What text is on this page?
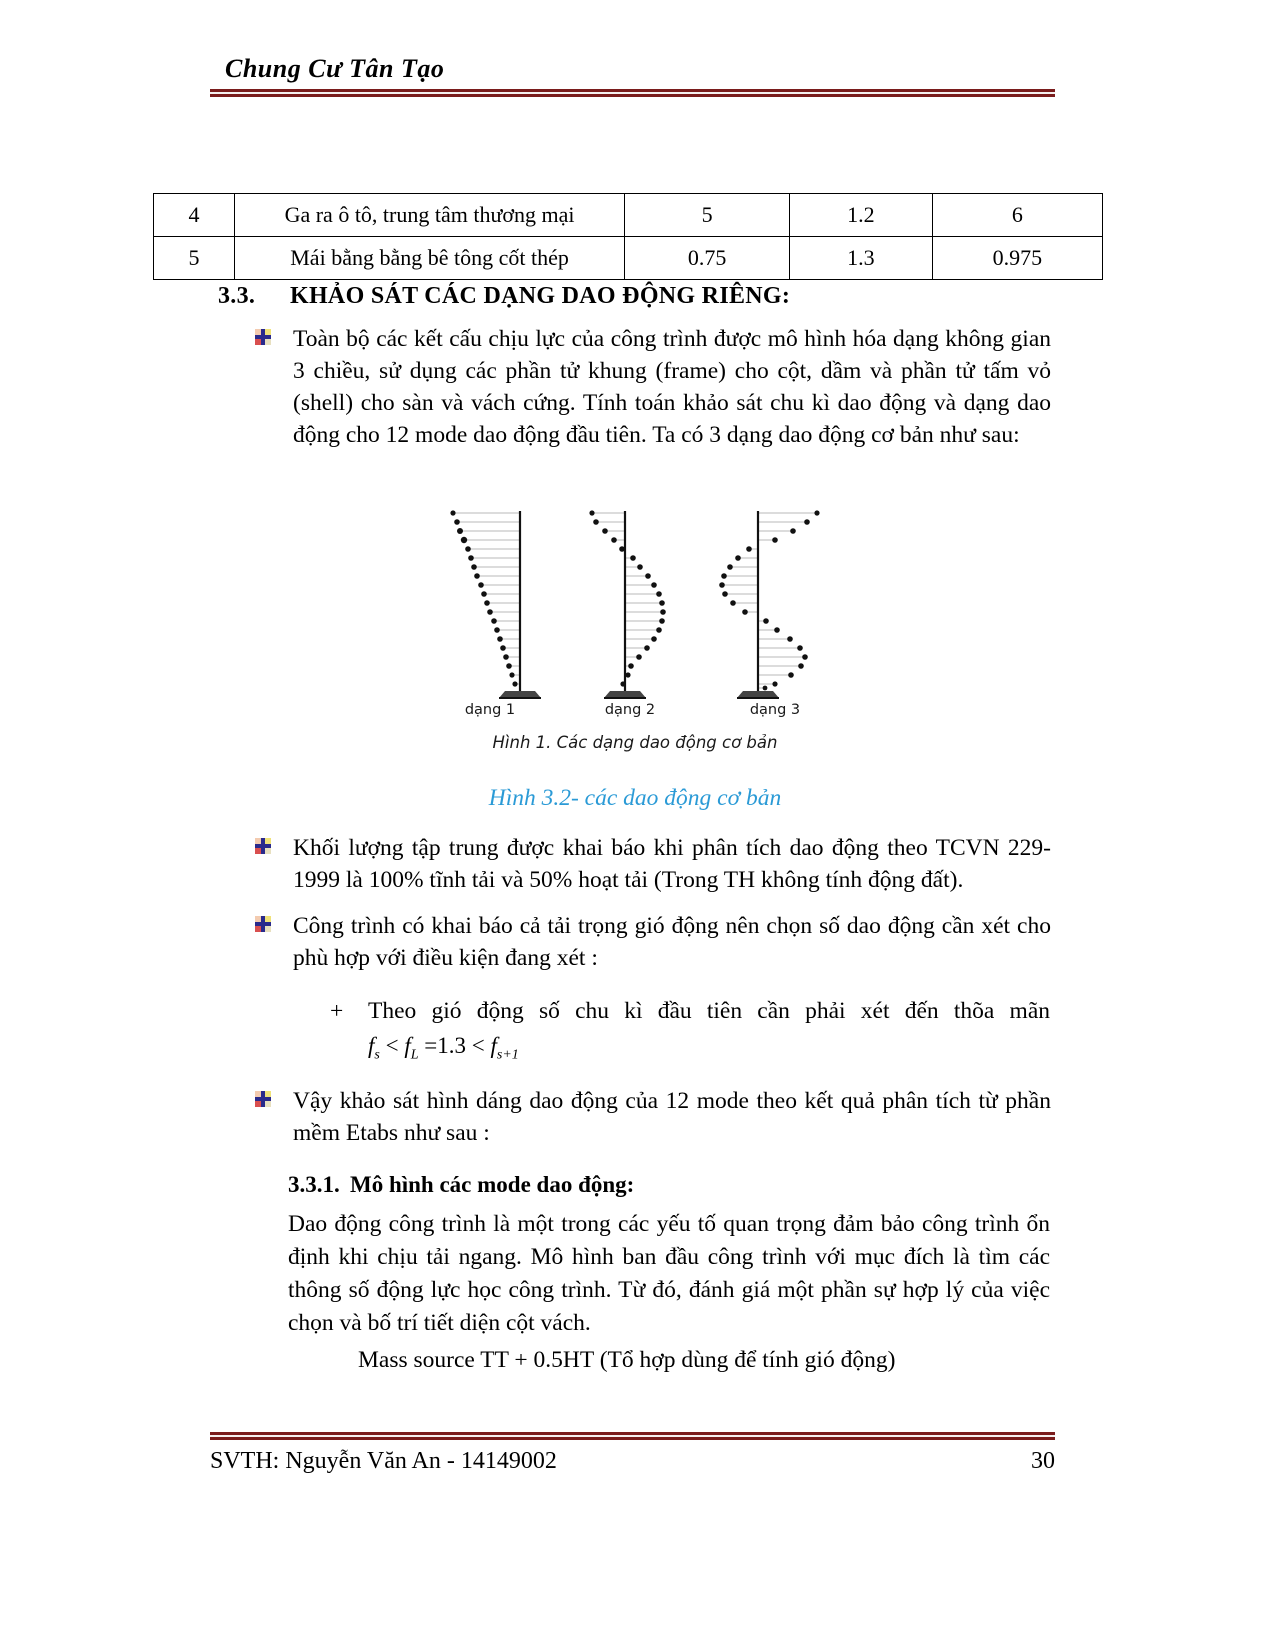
Chung Cư Tân Tạo
4	Ga ra ô tô, trung tâm thương mại	5	1.2	6
5	Mái bằng bằng bê tông cốt thép	0.75	1.3	0.975
3.3. KHẢO SÁT CÁC DẠNG DAO ĐỘNG RIÊNG:
Toàn bộ các kết cấu chịu lực của công trình được mô hình hóa dạng không gian 3 chiều, sử dụng các phần tử khung (frame) cho cột, dầm và phần tử tấm vỏ (shell) cho sàn và vách cứng. Tính toán khảo sát chu kì dao động và dạng dao động cho 12 mode dao động đầu tiên. Ta có 3 dạng dao động cơ bản như sau:
dạng 1	dạng 2	dạng 3
Hình 1. Các dạng dao động cơ bản
Hình 3.2- các dao động cơ bản
Khối lượng tập trung được khai báo khi phân tích dao động theo TCVN 229-1999 là 100% tĩnh tải và 50% hoạt tải (Trong TH không tính động đất).
Công trình có khai báo cả tải trọng gió động nên chọn số dao động cần xét cho phù hợp với điều kiện đang xét :
+ Theo gió động số chu kì đầu tiên cần phải xét đến thõa mãn
$f_s < f_L =1.3 < f_{s+1}$
Vậy khảo sát hình dáng dao động của 12 mode theo kết quả phân tích từ phần mềm Etabs như sau :
3.3.1. Mô hình các mode dao động:
Dao động công trình là một trong các yếu tố quan trọng đảm bảo công trình ổn định khi chịu tải ngang. Mô hình ban đầu công trình với mục đích là tìm các thông số động lực học công trình. Từ đó, đánh giá một phần sự hợp lý của việc chọn và bố trí tiết diện cột vách.
Mass source TT + 0.5HT (Tổ hợp dùng để tính gió động)
SVTH: Nguyễn Văn An - 14149002	30
